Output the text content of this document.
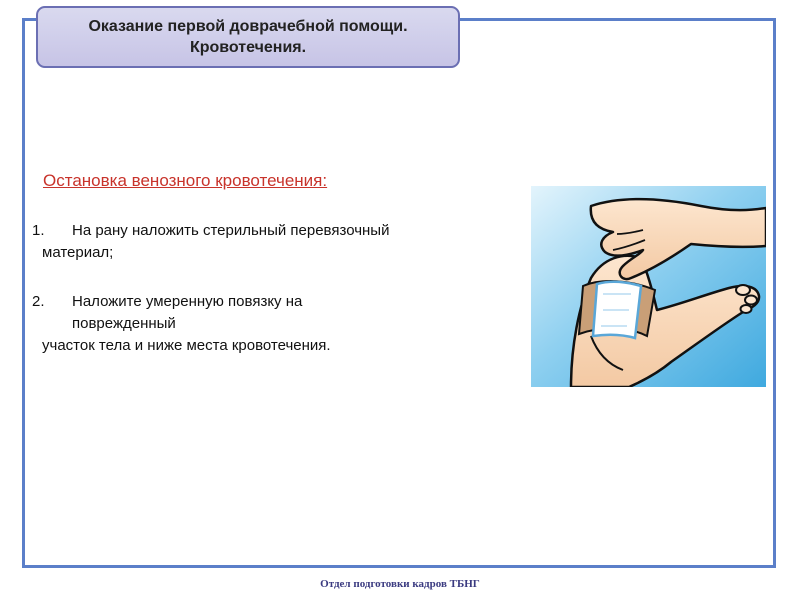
Оказание первой доврачебной помощи.
Кровотечения.
Остановка венозного кровотечения:
1.	На рану наложить стерильный перевязочный
материал;
2.	Наложите умеренную повязку на
поврежденный
участок тела и ниже места кровотечения.
Отдел подготовки кадров ТБНГ
